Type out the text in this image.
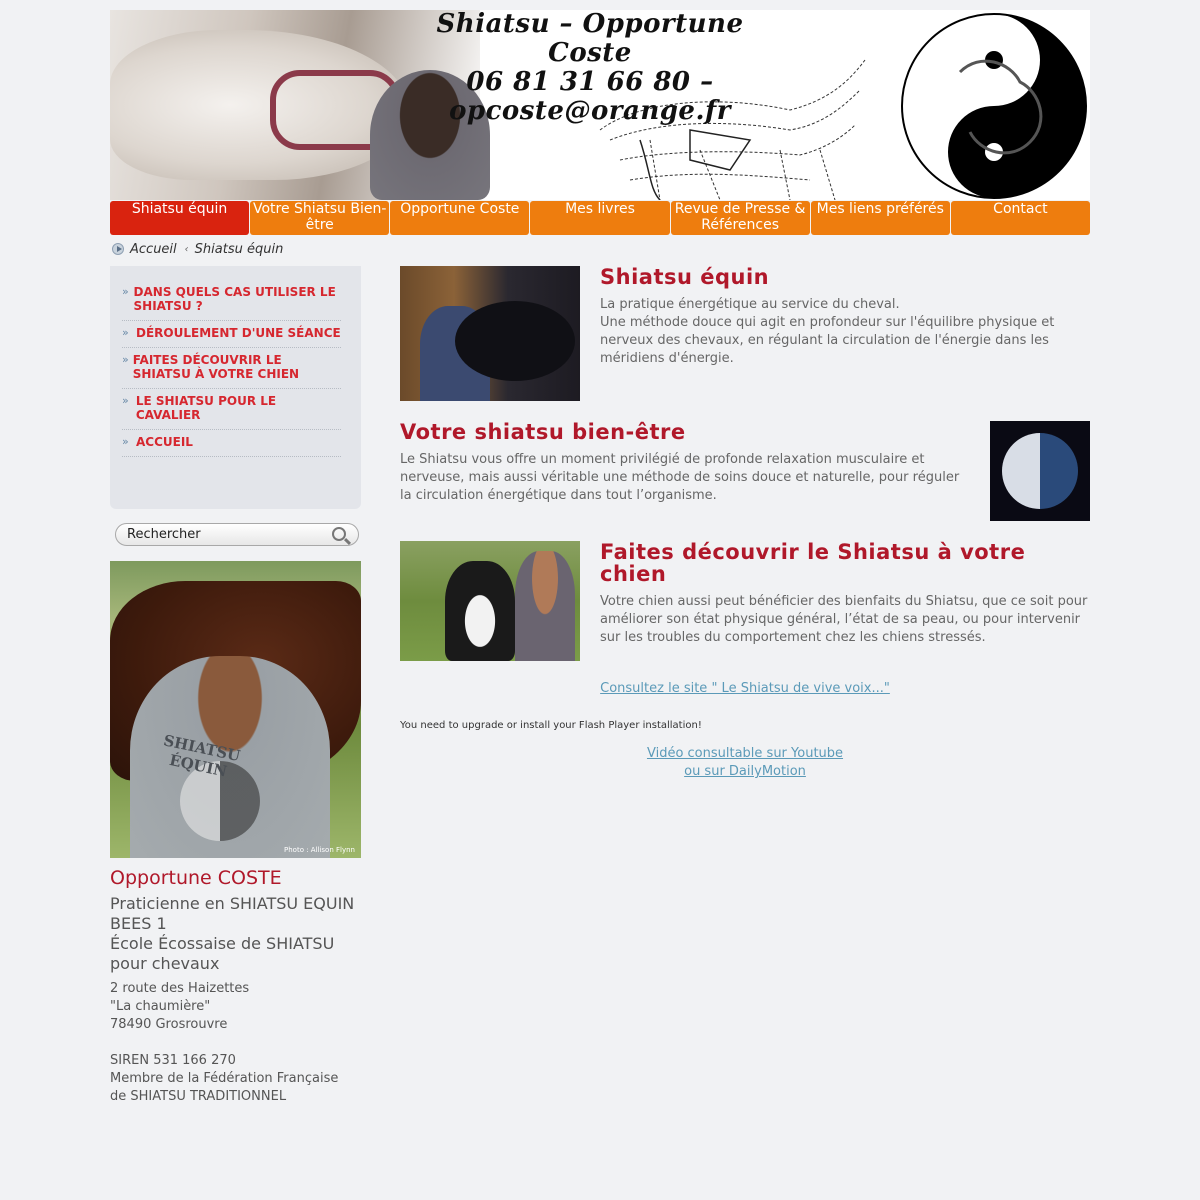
Shiatsu – Opportune Coste
06 81 31 66 80 – opcoste@orange.fr
Shiatsu équin	Votre Shiatsu Bien-être
Opportune Coste	Mes livres	Revue de Presse & Références
Mes liens préférés	Contact
Accueil ‹ Shiatsu équin
» DANS QUELS CAS UTILISER LE SHIATSU ?
» DÉROULEMENT D'UNE SÉANCE
» FAITES DÉCOUVRIR LE SHIATSU À VOTRE CHIEN
» LE SHIATSU POUR LE CAVALIER
» ACCUEIL
Rechercher
SHIATSU ÉQUIN
Photo : Allison Flynn
Opportune COSTE
Praticienne en SHIATSU EQUIN
BEES 1
École Écossaise de SHIATSU pour chevaux
2 route des Haizettes
"La chaumière"
78490 Grosrouvre
SIREN 531 166 270
Membre de la Fédération Française
de SHIATSU TRADITIONNEL
Shiatsu équin

La pratique énergétique au service du cheval.
Une méthode douce qui agit en profondeur sur l'équilibre physique et nerveux des chevaux, en régulant la circulation de l'énergie dans les méridiens d'énergie.

Votre shiatsu bien-être

Le Shiatsu vous offre un moment privilégié de profonde relaxation musculaire et nerveuse, mais aussi véritable une méthode de soins douce et naturelle, pour réguler la circulation énergétique dans tout l’organisme.

Faites découvrir le Shiatsu à votre chien

Votre chien aussi peut bénéficier des bienfaits du Shiatsu, que ce soit pour améliorer son état physique général, l’état de sa peau, ou pour intervenir sur les troubles du comportement chez les chiens stressés.

Consultez le site " Le Shiatsu de vive voix..."
You need to upgrade or install your Flash Player installation!
Vidéo consultable sur Youtube
ou sur DailyMotion
